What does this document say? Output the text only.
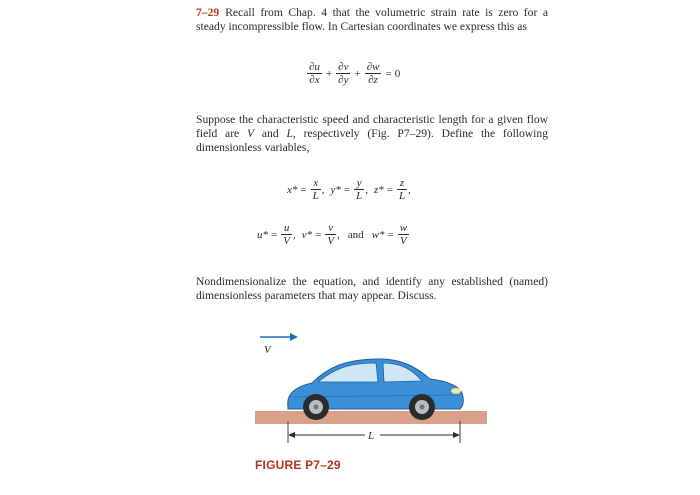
7–29 Recall from Chap. 4 that the volumetric strain rate is zero for a steady incompressible flow. In Cartesian coordinates we express this as

$\frac{\partial u}{\partial x} + \frac{\partial v}{\partial y} + \frac{\partial w}{\partial z} = 0$
Suppose the characteristic speed and characteristic length for a given flow field are V and L, respectively (Fig. P7–29). Define the following dimensionless variables,
$x* = \frac{x}{L}$ , $y* = \frac{y}{L}$ , $z* = \frac{z}{L}$ ,
$u* = \frac{u}{V}$ , $v* = \frac{v}{V}$ , and $w* = \frac{w}{V}$
Nondimensionalize the equation, and identify any established (named) dimensionless parameters that may appear. Discuss.
V
L
FIGURE P7–29
